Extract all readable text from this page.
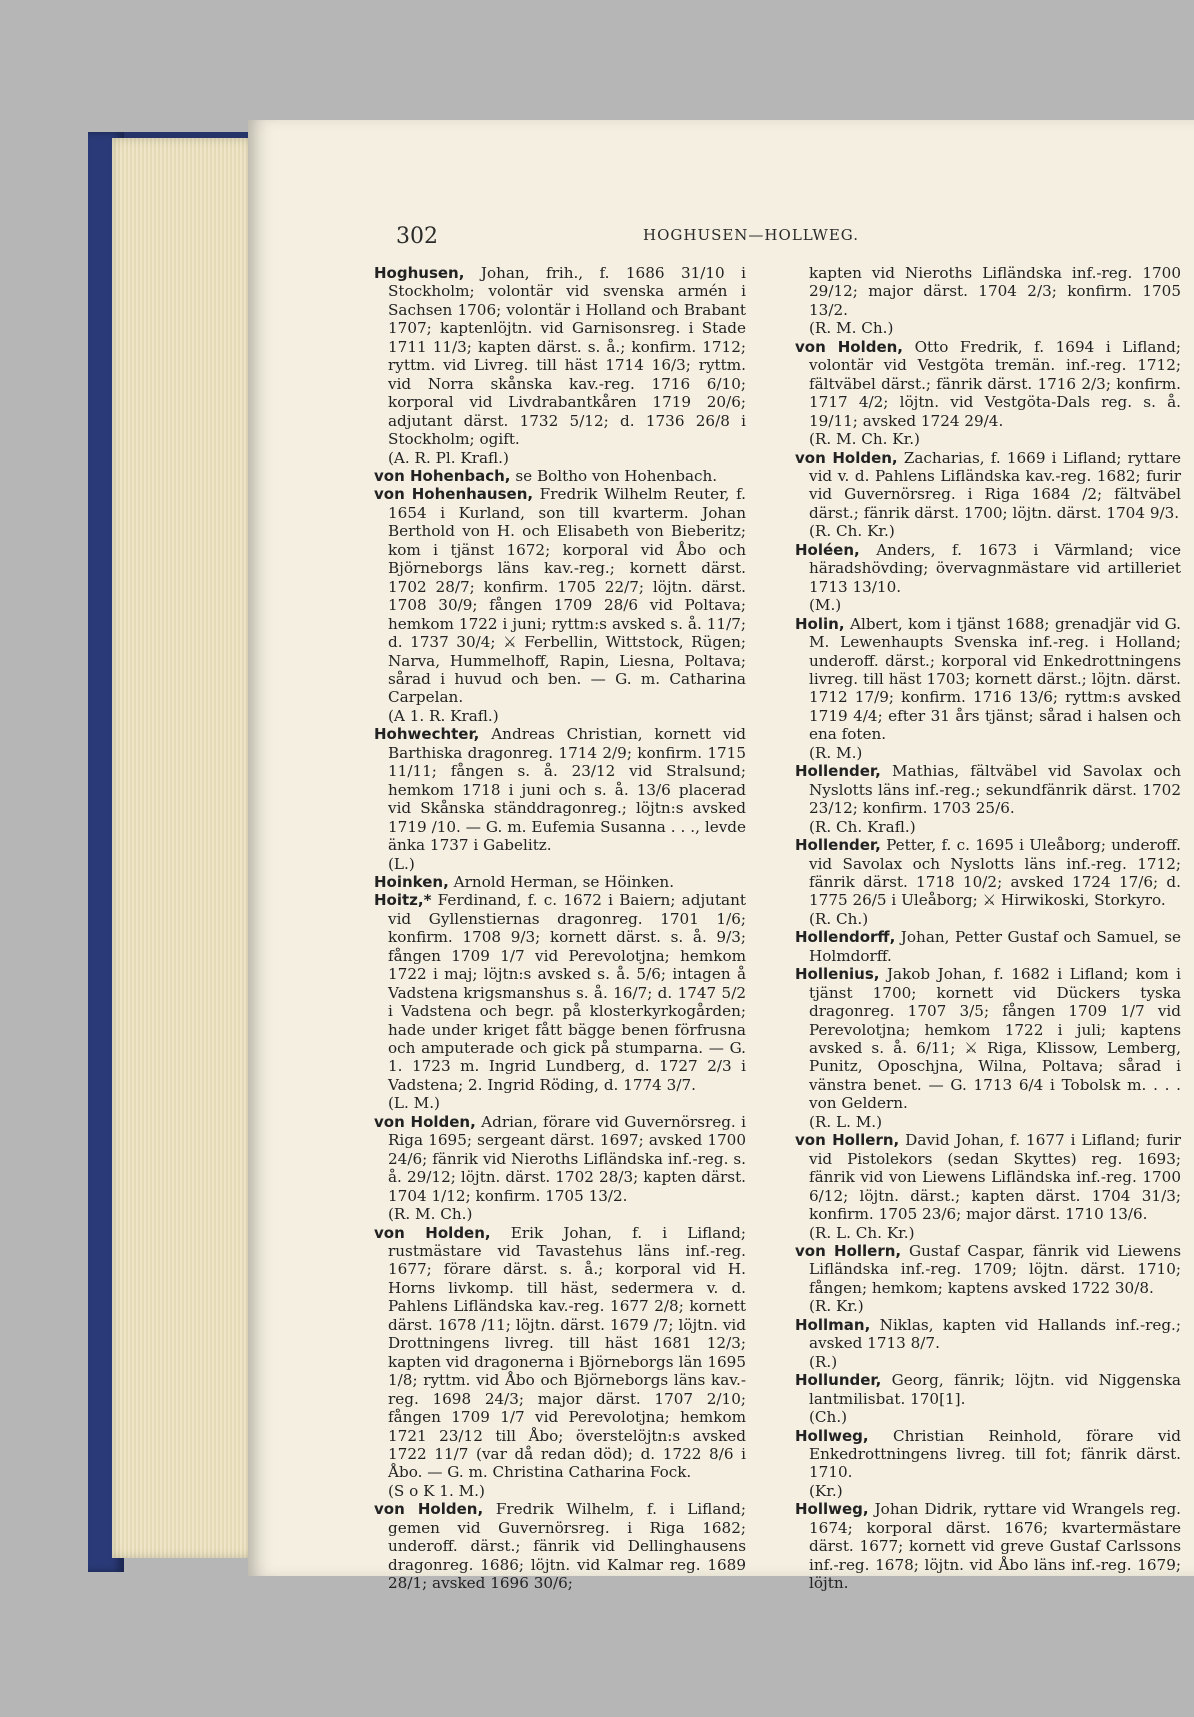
302	HOGHUSEN—HOLLWEG.

Hoghusen, Johan, frih., f. 1686 31/10 i Stockholm; volontär vid svenska armén i Sachsen 1706; volontär i Holland och Brabant 1707; kaptenlöjtn. vid Garnisonsreg. i Stade 1711 11/3; kapten därst. s. å.; konfirm. 1712; ryttm. vid Livreg. till häst 1714 16/3; ryttm. vid Norra skånska kav.-reg. 1716 6/10; korporal vid Livdrabantkåren 1719 20/6; adjutant därst. 1732 5/12; d. 1736 26/8 i Stockholm; ogift.

(A. R. Pl. Krafl.)

von Hohenbach, se Boltho von Hohenbach.

von Hohenhausen, Fredrik Wilhelm Reuter, f. 1654 i Kurland, son till kvarterm. Johan Berthold von H. och Elisabeth von Bieberitz; kom i tjänst 1672; korporal vid Åbo och Björneborgs läns kav.-reg.; kornett därst. 1702 28/7; konfirm. 1705 22/7; löjtn. därst. 1708 30/9; fången 1709 28/6 vid Poltava; hemkom 1722 i juni; ryttm:s avsked s. å. 11/7; d. 1737 30/4; ⚔ Ferbellin, Wittstock, Rügen; Narva, Hummelhoff, Rapin, Liesna, Poltava; sårad i huvud och ben. — G. m. Catharina Carpelan.

(A 1. R. Krafl.)

Hohwechter, Andreas Christian, kornett vid Barthiska dragonreg. 1714 2/9; konfirm. 1715 11/11; fången s. å. 23/12 vid Stralsund; hemkom 1718 i juni och s. å. 13/6 placerad vid Skånska ständdragonreg.; löjtn:s avsked 1719 /10. — G. m. Eufemia Susanna . . ., levde änka 1737 i Gabelitz.

(L.)

Hoinken, Arnold Herman, se Höinken.

Hoitz,* Ferdinand, f. c. 1672 i Baiern; adjutant vid Gyllenstiernas dragonreg. 1701 1/6; konfirm. 1708 9/3; kornett därst. s. å. 9/3; fången 1709 1/7 vid Perevolotjna; hemkom 1722 i maj; löjtn:s avsked s. å. 5/6; intagen å Vadstena krigsmanshus s. å. 16/7; d. 1747 5/2 i Vadstena och begr. på klosterkyrkogården; hade under kriget fått bägge benen förfrusna och amputerade och gick på stumparna. — G. 1. 1723 m. Ingrid Lundberg, d. 1727 2/3 i Vadstena; 2. Ingrid Röding, d. 1774 3/7.

(L. M.)

von Holden, Adrian, förare vid Guvernörsreg. i Riga 1695; sergeant därst. 1697; avsked 1700 24/6; fänrik vid Nieroths Lifländska inf.-reg. s. å. 29/12; löjtn. därst. 1702 28/3; kapten därst. 1704 1/12; konfirm. 1705 13/2.

(R. M. Ch.)

von Holden, Erik Johan, f. i Lifland; rustmästare vid Tavastehus läns inf.-reg. 1677; förare därst. s. å.; korporal vid H. Horns livkomp. till häst, sedermera v. d. Pahlens Lifländska kav.-reg. 1677 2/8; kornett därst. 1678 /11; löjtn. därst. 1679 /7; löjtn. vid Drottningens livreg. till häst 1681 12/3; kapten vid dragonerna i Björneborgs län 1695 1/8; ryttm. vid Åbo och Björneborgs läns kav.-reg. 1698 24/3; major därst. 1707 2/10; fången 1709 1/7 vid Perevolotjna; hemkom 1721 23/12 till Åbo; överstelöjtn:s avsked 1722 11/7 (var då redan död); d. 1722 8/6 i Åbo. — G. m. Christina Catharina Fock.

(S o K 1. M.)

von Holden, Fredrik Wilhelm, f. i Lifland; gemen vid Guvernörsreg. i Riga 1682; underoff. därst.; fänrik vid Dellinghausens dragonreg. 1686; löjtn. vid Kalmar reg. 1689 28/1; avsked 1696 30/6;

kapten vid Nieroths Lifländska inf.-reg. 1700 29/12; major därst. 1704 2/3; konfirm. 1705 13/2.

(R. M. Ch.)

von Holden, Otto Fredrik, f. 1694 i Lifland; volontär vid Vestgöta tremän. inf.-reg. 1712; fältväbel därst.; fänrik därst. 1716 2/3; konfirm. 1717 4/2; löjtn. vid Vestgöta-Dals reg. s. å. 19/11; avsked 1724 29/4.

(R. M. Ch. Kr.)

von Holden, Zacharias, f. 1669 i Lifland; ryttare vid v. d. Pahlens Lifländska kav.-reg. 1682; furir vid Guvernörsreg. i Riga 1684 /2; fältväbel därst.; fänrik därst. 1700; löjtn. därst. 1704 9/3.

(R. Ch. Kr.)

Holéen, Anders, f. 1673 i Värmland; vice häradshövding; övervagnmästare vid artilleriet 1713 13/10.

(M.)

Holin, Albert, kom i tjänst 1688; grenadjär vid G. M. Lewenhaupts Svenska inf.-reg. i Holland; underoff. därst.; korporal vid Enkedrottningens livreg. till häst 1703; kornett därst.; löjtn. därst. 1712 17/9; konfirm. 1716 13/6; ryttm:s avsked 1719 4/4; efter 31 års tjänst; sårad i halsen och ena foten.

(R. M.)

Hollender, Mathias, fältväbel vid Savolax och Nyslotts läns inf.-reg.; sekundfänrik därst. 1702 23/12; konfirm. 1703 25/6.

(R. Ch. Krafl.)

Hollender, Petter, f. c. 1695 i Uleåborg; underoff. vid Savolax och Nyslotts läns inf.-reg. 1712; fänrik därst. 1718 10/2; avsked 1724 17/6; d. 1775 26/5 i Uleåborg; ⚔ Hirwikoski, Storkyro.

(R. Ch.)

Hollendorff, Johan, Petter Gustaf och Samuel, se Holmdorff.

Hollenius, Jakob Johan, f. 1682 i Lifland; kom i tjänst 1700; kornett vid Dückers tyska dragonreg. 1707 3/5; fången 1709 1/7 vid Perevolotjna; hemkom 1722 i juli; kaptens avsked s. å. 6/11; ⚔ Riga, Klissow, Lemberg, Punitz, Oposchjna, Wilna, Poltava; sårad i vänstra benet. — G. 1713 6/4 i Tobolsk m. . . . von Geldern.

(R. L. M.)

von Hollern, David Johan, f. 1677 i Lifland; furir vid Pistolekors (sedan Skyttes) reg. 1693; fänrik vid von Liewens Lifländska inf.-reg. 1700 6/12; löjtn. därst.; kapten därst. 1704 31/3; konfirm. 1705 23/6; major därst. 1710 13/6.

(R. L. Ch. Kr.)

von Hollern, Gustaf Caspar, fänrik vid Liewens Lifländska inf.-reg. 1709; löjtn. därst. 1710; fången; hemkom; kaptens avsked 1722 30/8.

(R. Kr.)

Hollman, Niklas, kapten vid Hallands inf.-reg.; avsked 1713 8/7.

(R.)

Hollunder, Georg, fänrik; löjtn. vid Niggenska lantmilisbat. 170[1].

(Ch.)

Hollweg, Christian Reinhold, förare vid Enkedrottningens livreg. till fot; fänrik därst. 1710.

(Kr.)

Hollweg, Johan Didrik, ryttare vid Wrangels reg. 1674; korporal därst. 1676; kvartermästare därst. 1677; kornett vid greve Gustaf Carlssons inf.-reg. 1678; löjtn. vid Åbo läns inf.-reg. 1679; löjtn.
